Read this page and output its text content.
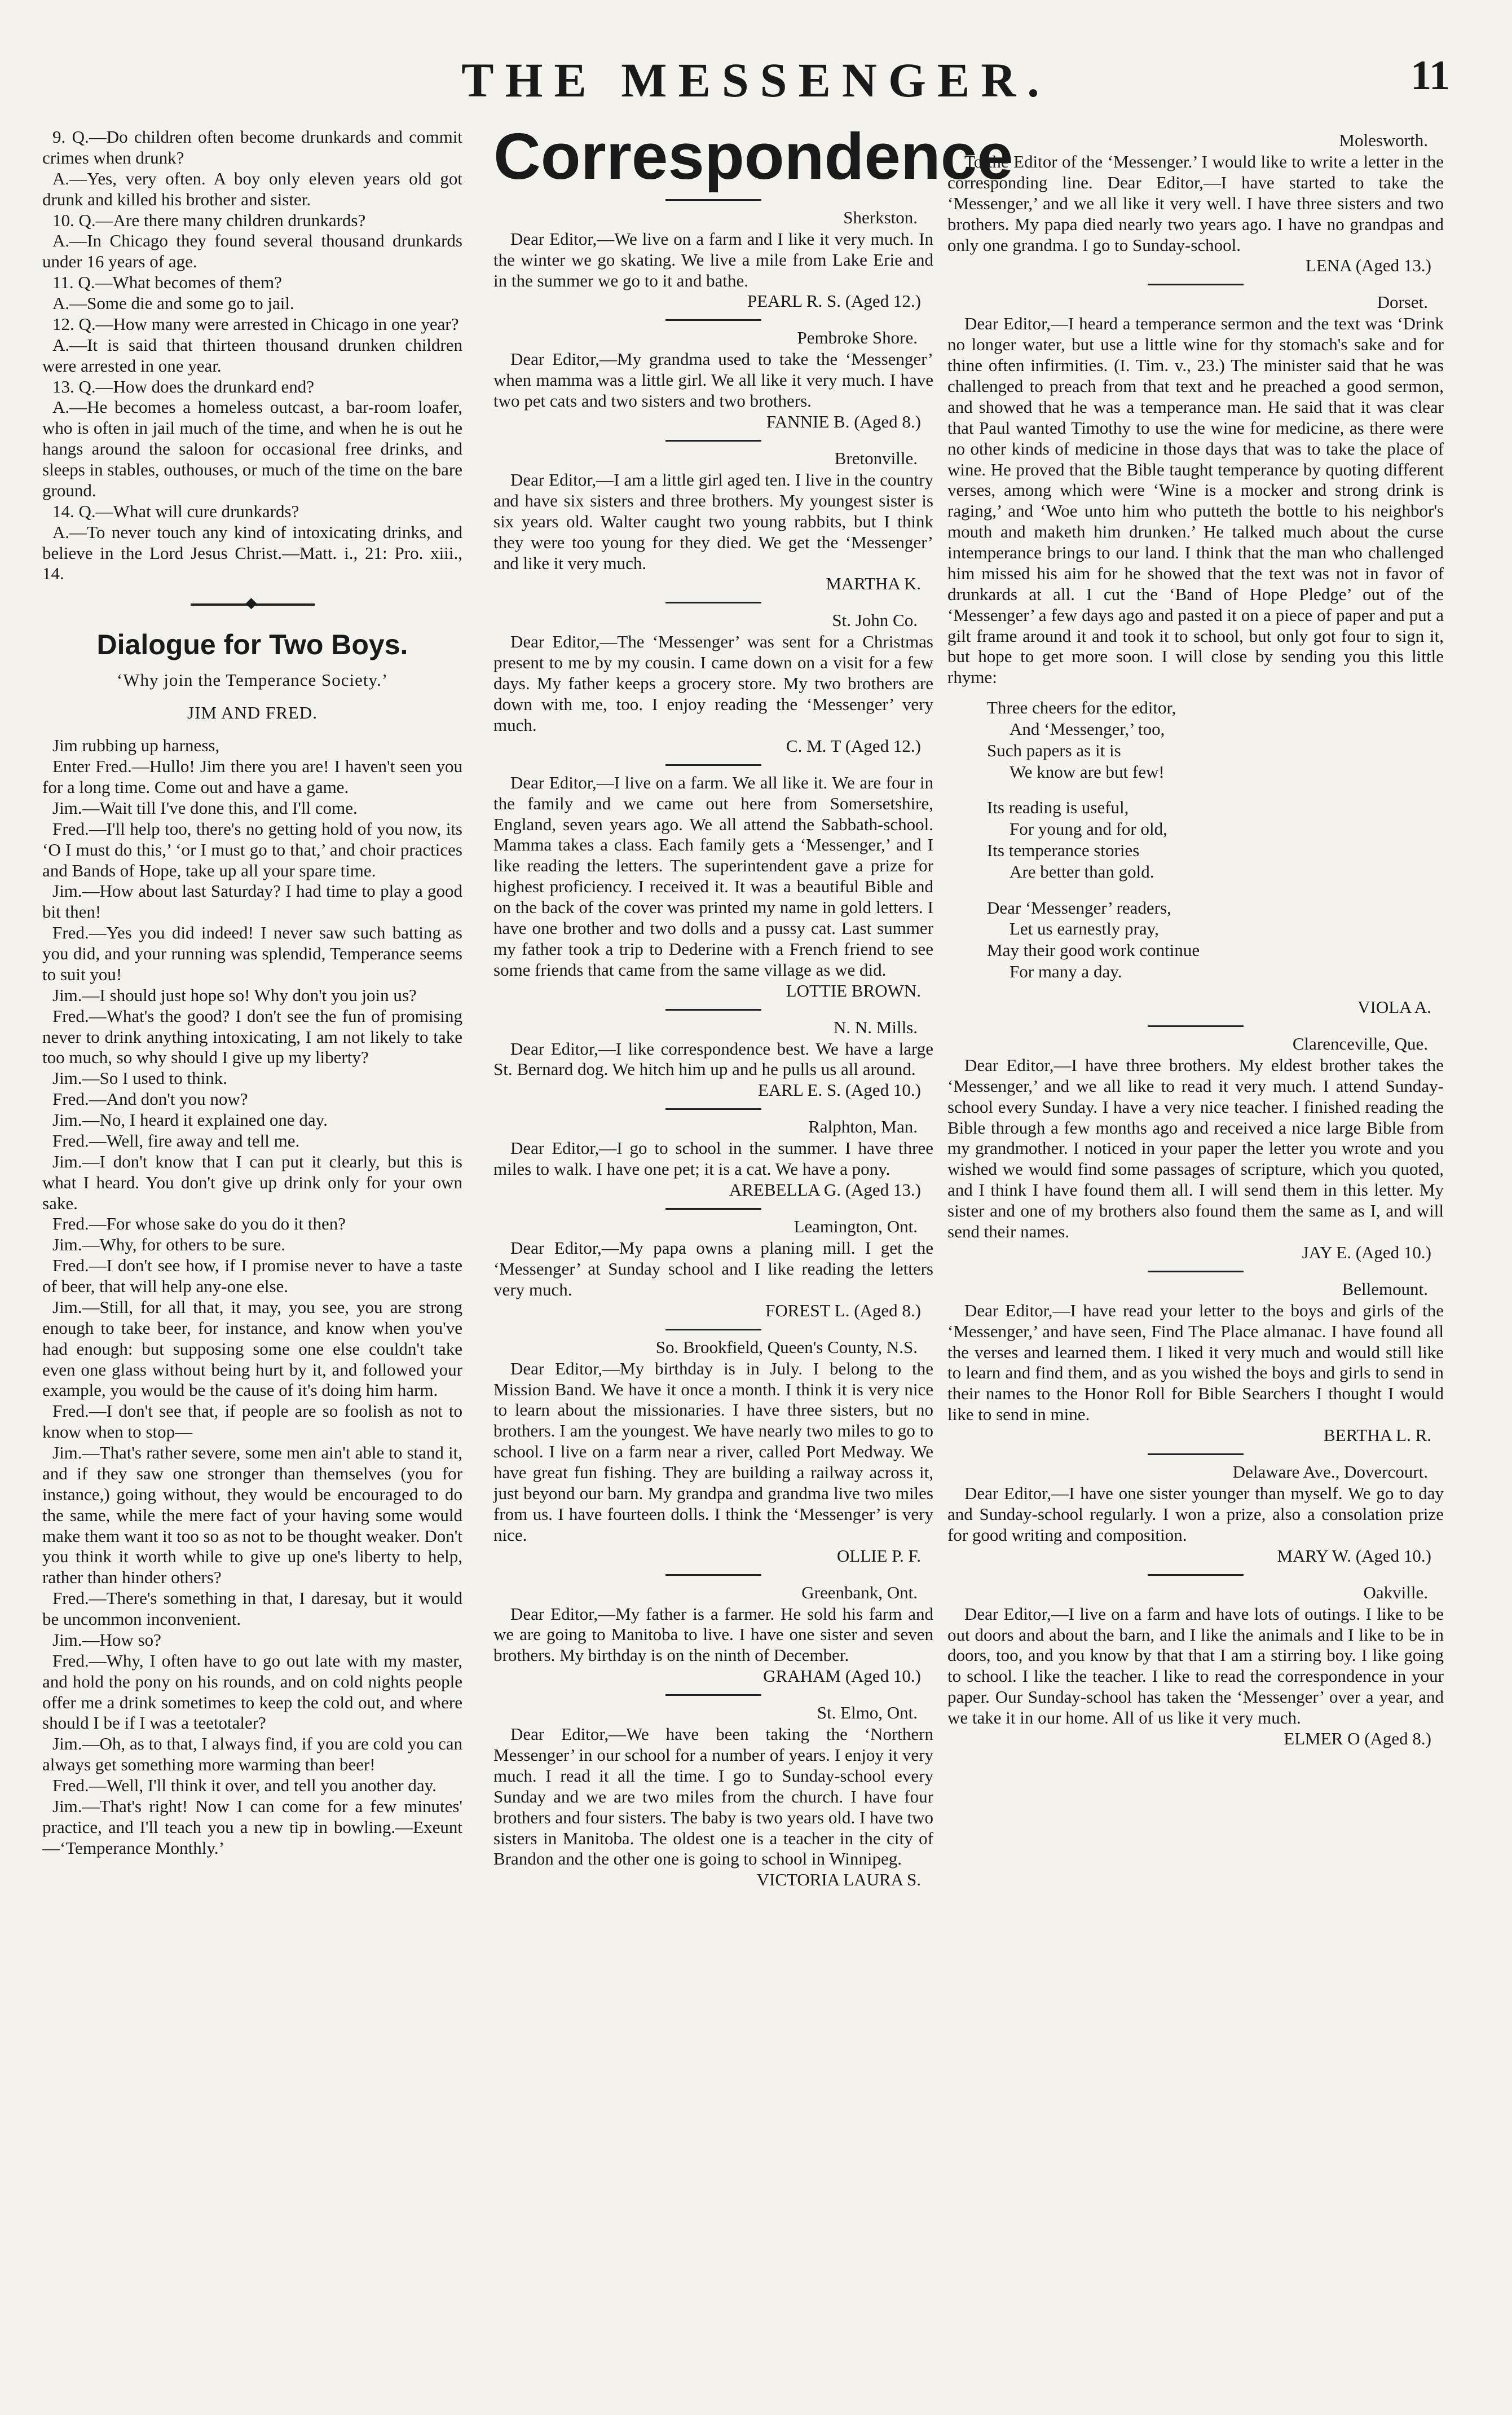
THE MESSENGER.	11

9. Q.—Do children often become drunkards and commit crimes when drunk?

A.—Yes, very often. A boy only eleven years old got drunk and killed his brother and sister.

10. Q.—Are there many children drunkards?

A.—In Chicago they found several thousand drunkards under 16 years of age.

11. Q.—What becomes of them?

A.—Some die and some go to jail.

12. Q.—How many were arrested in Chicago in one year?

A.—It is said that thirteen thousand drunken children were arrested in one year.

13. Q.—How does the drunkard end?

A.—He becomes a homeless outcast, a bar-room loafer, who is often in jail much of the time, and when he is out he hangs around the saloon for occasional free drinks, and sleeps in stables, outhouses, or much of the time on the bare ground.

14. Q.—What will cure drunkards?

A.—To never touch any kind of intoxicating drinks, and believe in the Lord Jesus Christ.—Matt. i., 21: Pro. xiii., 14.

◆
Dialogue for Two Boys.
‘Why join the Temperance Society.’
JIM AND FRED.

Jim rubbing up harness,

Enter Fred.—Hullo! Jim there you are! I haven't seen you for a long time. Come out and have a game.

Jim.—Wait till I've done this, and I'll come.

Fred.—I'll help too, there's no getting hold of you now, its ‘O I must do this,’ ‘or I must go to that,’ and choir practices and Bands of Hope, take up all your spare time.

Jim.—How about last Saturday? I had time to play a good bit then!

Fred.—Yes you did indeed! I never saw such batting as you did, and your running was splendid, Temperance seems to suit you!

Jim.—I should just hope so! Why don't you join us?

Fred.—What's the good? I don't see the fun of promising never to drink anything intoxicating, I am not likely to take too much, so why should I give up my liberty?

Jim.—So I used to think.

Fred.—And don't you now?

Jim.—No, I heard it explained one day.

Fred.—Well, fire away and tell me.

Jim.—I don't know that I can put it clearly, but this is what I heard. You don't give up drink only for your own sake.

Fred.—For whose sake do you do it then?

Jim.—Why, for others to be sure.

Fred.—I don't see how, if I promise never to have a taste of beer, that will help any-one else.

Jim.—Still, for all that, it may, you see, you are strong enough to take beer, for instance, and know when you've had enough: but supposing some one else couldn't take even one glass without being hurt by it, and followed your example, you would be the cause of it's doing him harm.

Fred.—I don't see that, if people are so foolish as not to know when to stop—

Jim.—That's rather severe, some men ain't able to stand it, and if they saw one stronger than themselves (you for instance,) going without, they would be encouraged to do the same, while the mere fact of your having some would make them want it too so as not to be thought weaker. Don't you think it worth while to give up one's liberty to help, rather than hinder others?

Fred.—There's something in that, I daresay, but it would be uncommon inconvenient.

Jim.—How so?

Fred.—Why, I often have to go out late with my master, and hold the pony on his rounds, and on cold nights people offer me a drink sometimes to keep the cold out, and where should I be if I was a teetotaler?

Jim.—Oh, as to that, I always find, if you are cold you can always get something more warming than beer!

Fred.—Well, I'll think it over, and tell you another day.

Jim.—That's right! Now I can come for a few minutes' practice, and I'll teach you a new tip in bowling.—Exeunt—‘Temperance Monthly.’

Correspondence

Sherkston.

Dear Editor,—We live on a farm and I like it very much. In the winter we go skating. We live a mile from Lake Erie and in the summer we go to it and bathe.

PEARL R. S. (Aged 12.)

Pembroke Shore.

Dear Editor,—My grandma used to take the ‘Messenger’ when mamma was a little girl. We all like it very much. I have two pet cats and two sisters and two brothers.

FANNIE B. (Aged 8.)

Bretonville.

Dear Editor,—I am a little girl aged ten. I live in the country and have six sisters and three brothers. My youngest sister is six years old. Walter caught two young rabbits, but I think they were too young for they died. We get the ‘Messenger’ and like it very much.

MARTHA K.

St. John Co.

Dear Editor,—The ‘Messenger’ was sent for a Christmas present to me by my cousin. I came down on a visit for a few days. My father keeps a grocery store. My two brothers are down with me, too. I enjoy reading the ‘Messenger’ very much.

C. M. T (Aged 12.)

Dear Editor,—I live on a farm. We all like it. We are four in the family and we came out here from Somersetshire, England, seven years ago. We all attend the Sabbath-school. Mamma takes a class. Each family gets a ‘Messenger,’ and I like reading the letters. The superintendent gave a prize for highest proficiency. I received it. It was a beautiful Bible and on the back of the cover was printed my name in gold letters. I have one brother and two dolls and a pussy cat. Last summer my father took a trip to Dederine with a French friend to see some friends that came from the same village as we did.

LOTTIE BROWN.

N. N. Mills.

Dear Editor,—I like correspondence best. We have a large St. Bernard dog. We hitch him up and he pulls us all around.

EARL E. S. (Aged 10.)

Ralphton, Man.

Dear Editor,—I go to school in the summer. I have three miles to walk. I have one pet; it is a cat. We have a pony.

AREBELLA G. (Aged 13.)

Leamington, Ont.

Dear Editor,—My papa owns a planing mill. I get the ‘Messenger’ at Sunday school and I like reading the letters very much.

FOREST L. (Aged 8.)

So. Brookfield, Queen's County, N.S.

Dear Editor,—My birthday is in July. I belong to the Mission Band. We have it once a month. I think it is very nice to learn about the missionaries. I have three sisters, but no brothers. I am the youngest. We have nearly two miles to go to school. I live on a farm near a river, called Port Medway. We have great fun fishing. They are building a railway across it, just beyond our barn. My grandpa and grandma live two miles from us. I have fourteen dolls. I think the ‘Messenger’ is very nice.

OLLIE P. F.

Greenbank, Ont.

Dear Editor,—My father is a farmer. He sold his farm and we are going to Manitoba to live. I have one sister and seven brothers. My birthday is on the ninth of December.

GRAHAM (Aged 10.)

St. Elmo, Ont.

Dear Editor,—We have been taking the ‘Northern Messenger’ in our school for a number of years. I enjoy it very much. I read it all the time. I go to Sunday-school every Sunday and we are two miles from the church. I have four brothers and four sisters. The baby is two years old. I have two sisters in Manitoba. The oldest one is a teacher in the city of Brandon and the other one is going to school in Winnipeg.

VICTORIA LAURA S.

Molesworth.

To the Editor of the ‘Messenger.’ I would like to write a letter in the corresponding line. Dear Editor,—I have started to take the ‘Messenger,’ and we all like it very well. I have three sisters and two brothers. My papa died nearly two years ago. I have no grandpas and only one grandma. I go to Sunday-school.

LENA (Aged 13.)

Dorset.

Dear Editor,—I heard a temperance sermon and the text was ‘Drink no longer water, but use a little wine for thy stomach's sake and for thine often infirmities. (I. Tim. v., 23.) The minister said that he was challenged to preach from that text and he preached a good sermon, and showed that he was a temperance man. He said that it was clear that Paul wanted Timothy to use the wine for medicine, as there were no other kinds of medicine in those days that was to take the place of wine. He proved that the Bible taught temperance by quoting different verses, among which were ‘Wine is a mocker and strong drink is raging,’ and ‘Woe unto him who putteth the bottle to his neighbor's mouth and maketh him drunken.’ He talked much about the curse intemperance brings to our land. I think that the man who challenged him missed his aim for he showed that the text was not in favor of drunkards at all. I cut the ‘Band of Hope Pledge’ out of the ‘Messenger’ a few days ago and pasted it on a piece of paper and put a gilt frame around it and took it to school, but only got four to sign it, but hope to get more soon. I will close by sending you this little rhyme:

Three cheers for the editor,
And ‘Messenger,’ too,
Such papers as it is
We know are but few!
Its reading is useful,
For young and for old,
Its temperance stories
Are better than gold.
Dear ‘Messenger’ readers,
Let us earnestly pray,
May their good work continue
For many a day.

VIOLA A.

Clarenceville, Que.

Dear Editor,—I have three brothers. My eldest brother takes the ‘Messenger,’ and we all like to read it very much. I attend Sunday-school every Sunday. I have a very nice teacher. I finished reading the Bible through a few months ago and received a nice large Bible from my grandmother. I noticed in your paper the letter you wrote and you wished we would find some passages of scripture, which you quoted, and I think I have found them all. I will send them in this letter. My sister and one of my brothers also found them the same as I, and will send their names.

JAY E. (Aged 10.)

Bellemount.

Dear Editor,—I have read your letter to the boys and girls of the ‘Messenger,’ and have seen, Find The Place almanac. I have found all the verses and learned them. I liked it very much and would still like to learn and find them, and as you wished the boys and girls to send in their names to the Honor Roll for Bible Searchers I thought I would like to send in mine.

BERTHA L. R.

Delaware Ave., Dovercourt.

Dear Editor,—I have one sister younger than myself. We go to day and Sunday-school regularly. I won a prize, also a consolation prize for good writing and composition.

MARY W. (Aged 10.)

Oakville.

Dear Editor,—I live on a farm and have lots of outings. I like to be out doors and about the barn, and I like the animals and I like to be in doors, too, and you know by that that I am a stirring boy. I like going to school. I like the teacher. I like to read the correspondence in your paper. Our Sunday-school has taken the ‘Messenger’ over a year, and we take it in our home. All of us like it very much.

ELMER O (Aged 8.)
